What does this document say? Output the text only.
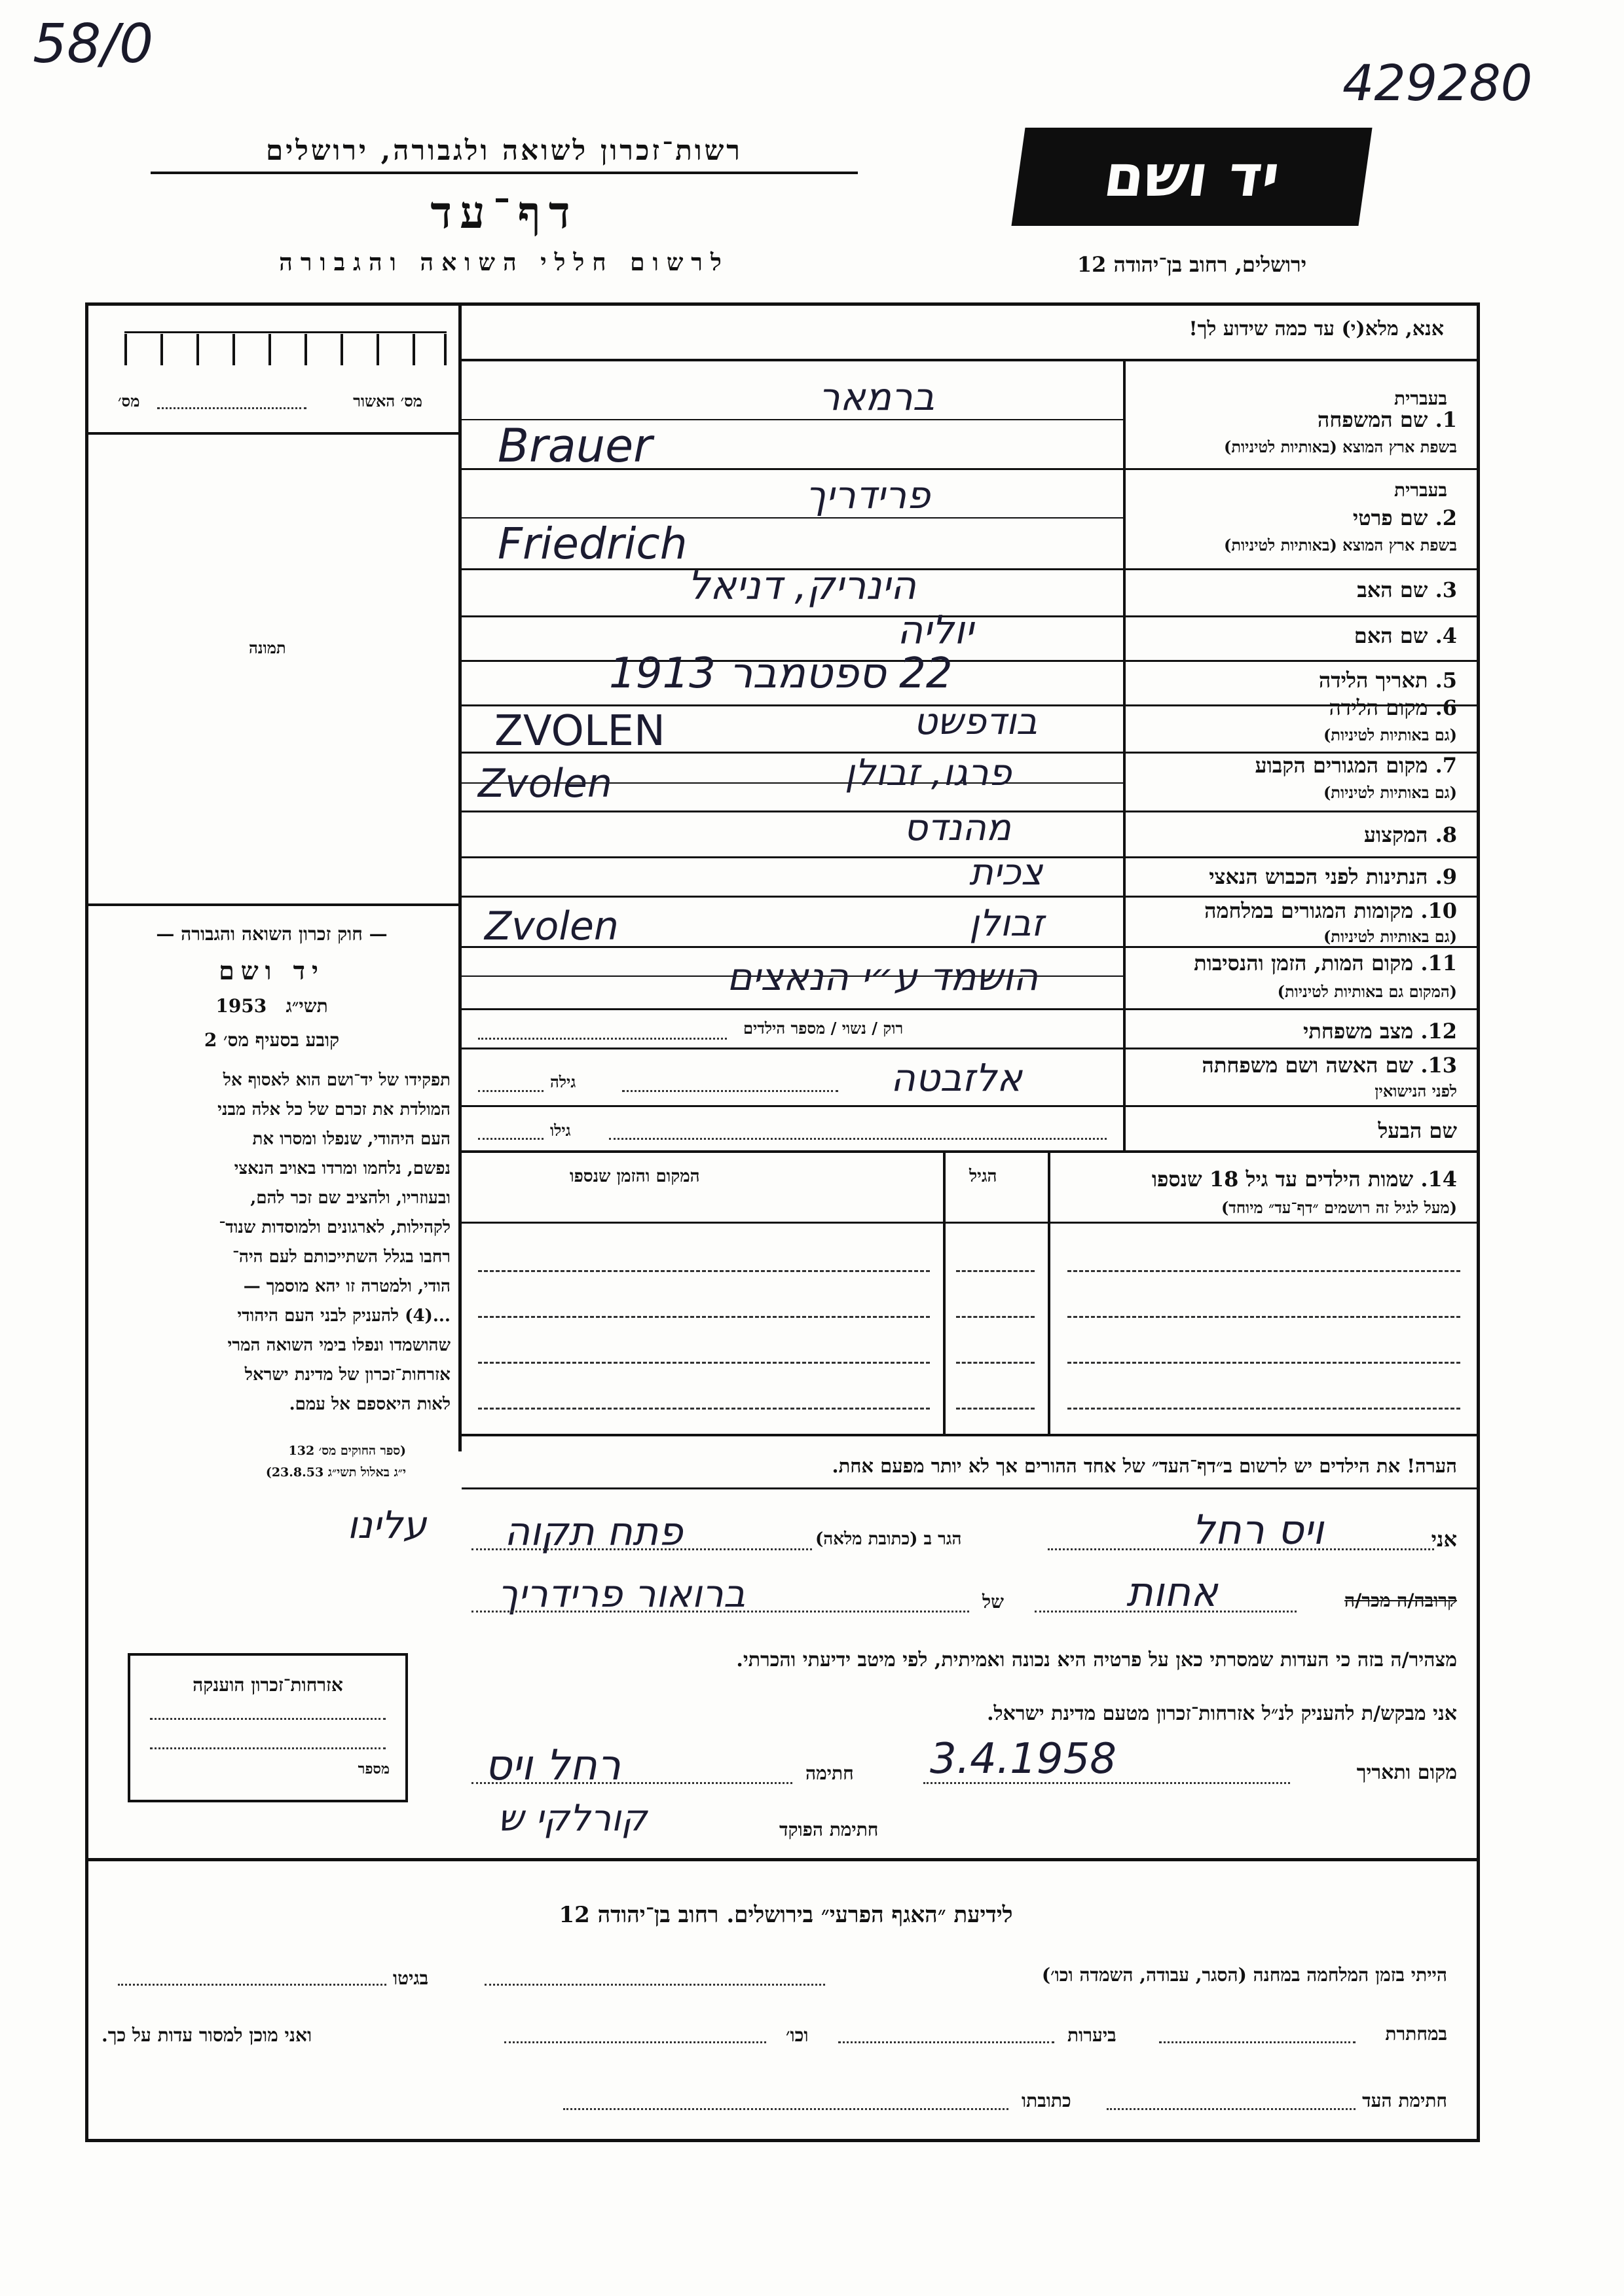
58/0
429280
רשות־זכרון לשואה ולגבורה, ירושלים
דף־עד
לרשום חללי השואה והגבורה
יד ושם
ירושלים, רחוב בן־יהודה 12
מס׳ האשור
מס׳
תמונה
— חוק זכרון השואה והגבורה —
יד ושם
1953 תשי״ג
קובע בסעיף מס׳ 2
תפקידו של יד־ושם הוא לאסוף אל
המולדת את זכרם של כל אלה מבני
העם היהודי, שנפלו ומסרו את
נפשם, נלחמו ומרדו באויב הנאצי
ובעוזריו, ולהציב שם זכר להם,
לקהילות, לארגונים ולמוסדות שנוד־
רחבו בגלל השתייכותם לעם היה־
הודי, ולמטרה זו יהא מוסמך —
...(4) להעניק לבני העם היהודי
שהושמדו ונפלו בימי השואה המרי
אזרחות־זכרון של מדינת ישראל
לאות היאספם אל עמם.
(ספר החוקים מס׳ 132
י״ג באלול תשי״ג 23.8.53)
עלינו
אזרחות־זכרון הוענקה
מספר
אנא, מלא(י) עד כמה שידוע לך!
בעברית
1. שם המשפחה
בשפת ארץ המוצא (באותיות לטיניות)
ברמאר
Brauer
בעברית
2. שם פרטי
בשפת ארץ המוצא (באותיות לטיניות)
פרידריך
Friedrich
3. שם האב
הינריק, דניאל
4. שם האם
יוליה
5. תאריך הלידה
22 ספטמבר 1913
6. מקום הלידה
(גם באותיות לטיניות)
ZVOLEN	בודפשט
7. מקום המגורים הקבוע
(גם באותיות לטיניות)
Zvolen	פרגו, זבולן
8. המקצוע
מהנדס
9. הנתינות לפני הכבוש הנאצי
צכית
10. מקומות המגורים במלחמה
(גם באותיות לטיניות)
Zvolen	זבולן
11. מקום המות, הזמן והנסיבות
(המקום גם באותיות לטיניות)
הושמד ע״י הנאצים
12. מצב משפחתי
רוק / נשוי / מספר הילדים
13. שם האשה ושם משפחתה
לפני הנישואין
אלזבטה
גילה
שם הבעל
גילו
14. שמות הילדים עד גיל 18 שנספו
(מעל לגיל זה רושמים ״דף־עד״ מיוחד)
הגיל
המקום והזמן שנספו
הערה! את הילדים יש לרשום ב״דף־העד״ של אחד ההורים אך לא יותר מפעם אחת.
אני
ויס רחל
הגר ב (כתובת מלאה)
פתח תקוה
קרובה/ה מכר/ה
אחות
של
ברואור פרידריך
מצהיר/ה בזה כי העדות שמסרתי כאן על פרטיה היא נכונה ואמיתית, לפי מיטב ידיעתי והכרתי.
אני מבקש/ת להעניק לנ״ל אזרחות־זכרון מטעם מדינת ישראל.
מקום ותאריך
3.4.1958
חתימה
רחל ויס
חתימת הפוקד
קורלקי ש
לידיעת ״האגף הפרעי״ בירושלים. רחוב בן־יהודה 12
הייתי בזמן המלחמה במחנה (הסגר, עבודה, השמדה וכו׳)
בגיטו
במחתרת
ביערות
וכו׳
ואני מוכן למסור עדות על כך.
חתימת העד
כתובתו
